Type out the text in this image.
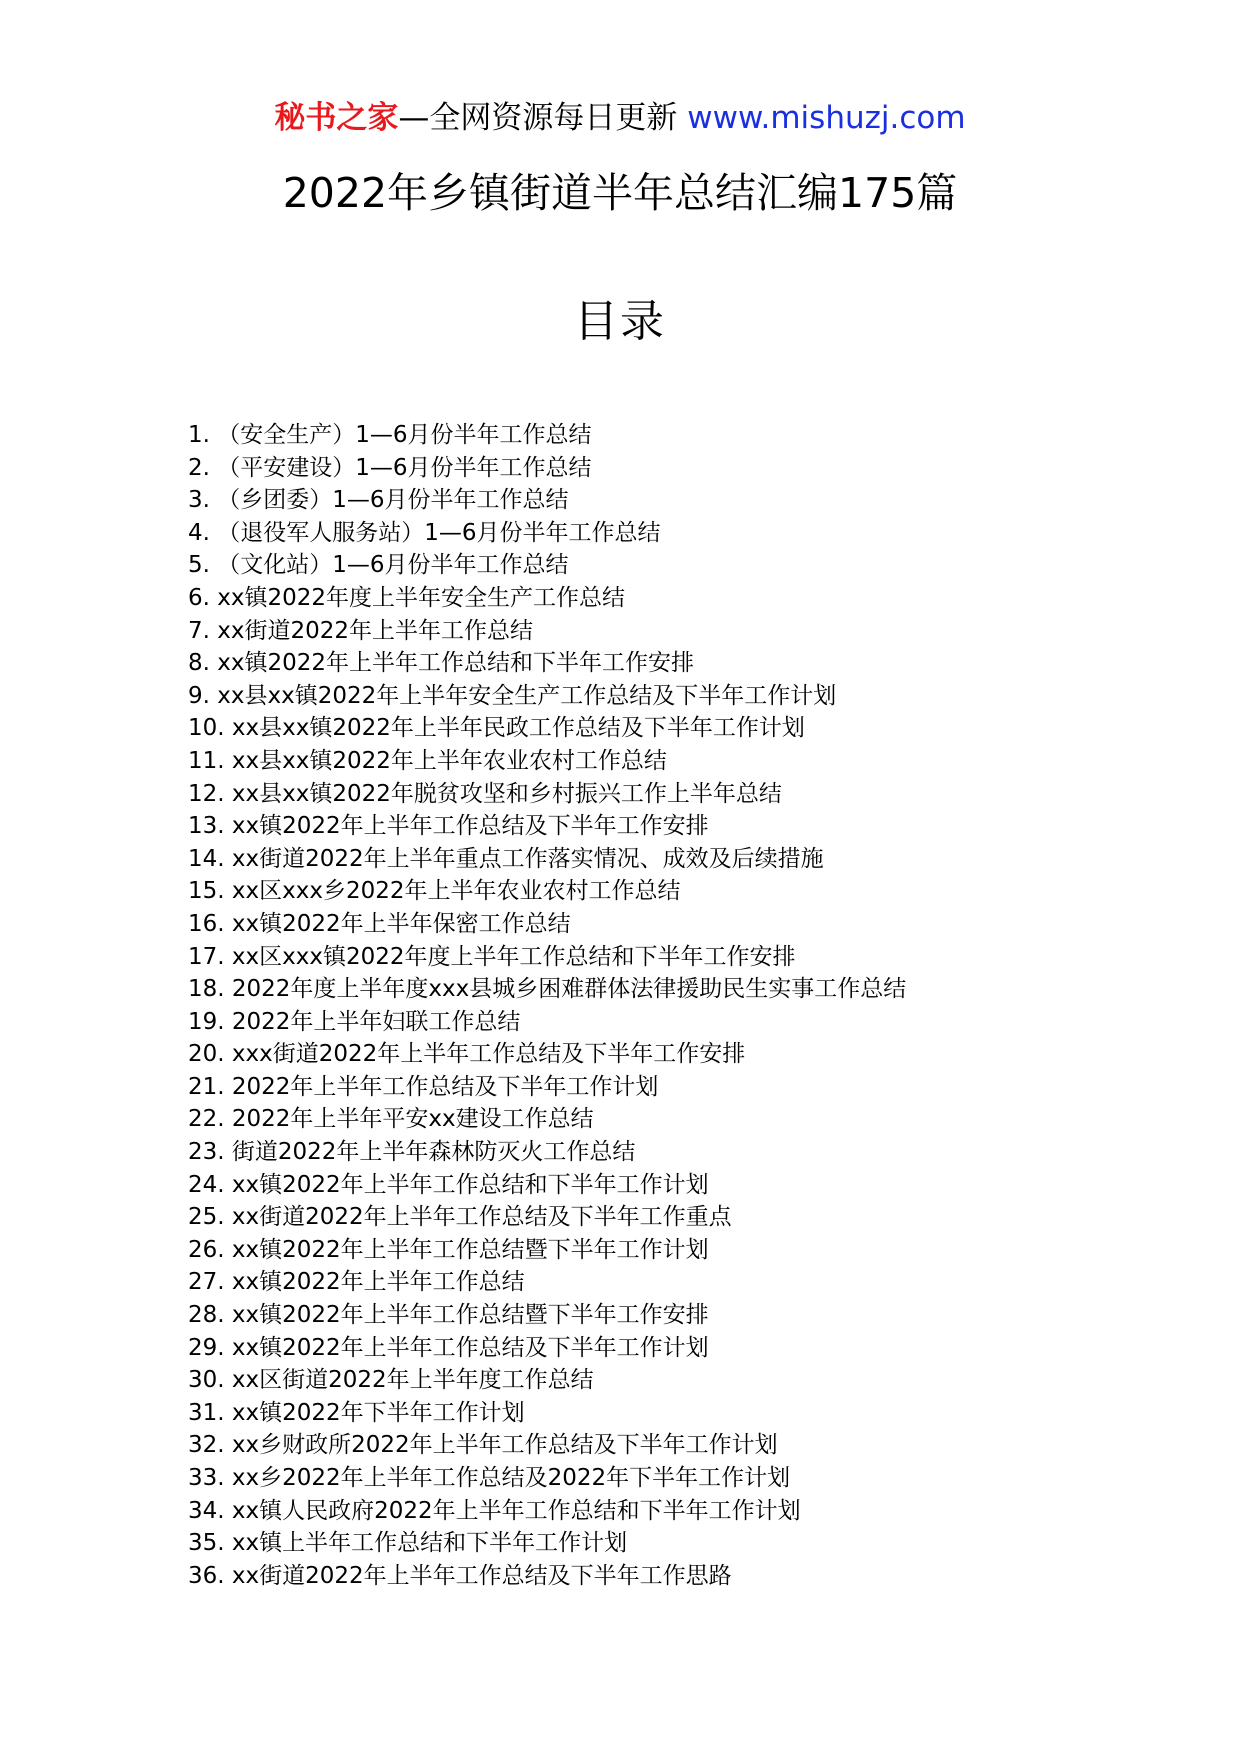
秘书之家—全网资源每日更新 www.mishuzj.com
2022年乡镇街道半年总结汇编175篇
目录
1. （安全生产）1—6月份半年工作总结
2. （平安建设）1—6月份半年工作总结
3. （乡团委）1—6月份半年工作总结
4. （退役军人服务站）1—6月份半年工作总结
5. （文化站）1—6月份半年工作总结
6. xx镇2022年度上半年安全生产工作总结
7. xx街道2022年上半年工作总结
8. xx镇2022年上半年工作总结和下半年工作安排
9. xx县xx镇2022年上半年安全生产工作总结及下半年工作计划
10. xx县xx镇2022年上半年民政工作总结及下半年工作计划
11. xx县xx镇2022年上半年农业农村工作总结
12. xx县xx镇2022年脱贫攻坚和乡村振兴工作上半年总结
13. xx镇2022年上半年工作总结及下半年工作安排
14. xx街道2022年上半年重点工作落实情况、成效及后续措施
15. xx区xxx乡2022年上半年农业农村工作总结
16. xx镇2022年上半年保密工作总结
17. xx区xxx镇2022年度上半年工作总结和下半年工作安排
18. 2022年度上半年度xxx县城乡困难群体法律援助民生实事工作总结
19. 2022年上半年妇联工作总结
20. xxx街道2022年上半年工作总结及下半年工作安排
21. 2022年上半年工作总结及下半年工作计划
22. 2022年上半年平安xx建设工作总结
23. 街道2022年上半年森林防灭火工作总结
24. xx镇2022年上半年工作总结和下半年工作计划
25. xx街道2022年上半年工作总结及下半年工作重点
26. xx镇2022年上半年工作总结暨下半年工作计划
27. xx镇2022年上半年工作总结
28. xx镇2022年上半年工作总结暨下半年工作安排
29. xx镇2022年上半年工作总结及下半年工作计划
30. xx区街道2022年上半年度工作总结
31. xx镇2022年下半年工作计划
32. xx乡财政所2022年上半年工作总结及下半年工作计划
33. xx乡2022年上半年工作总结及2022年下半年工作计划
34. xx镇人民政府2022年上半年工作总结和下半年工作计划
35. xx镇上半年工作总结和下半年工作计划
36. xx街道2022年上半年工作总结及下半年工作思路
